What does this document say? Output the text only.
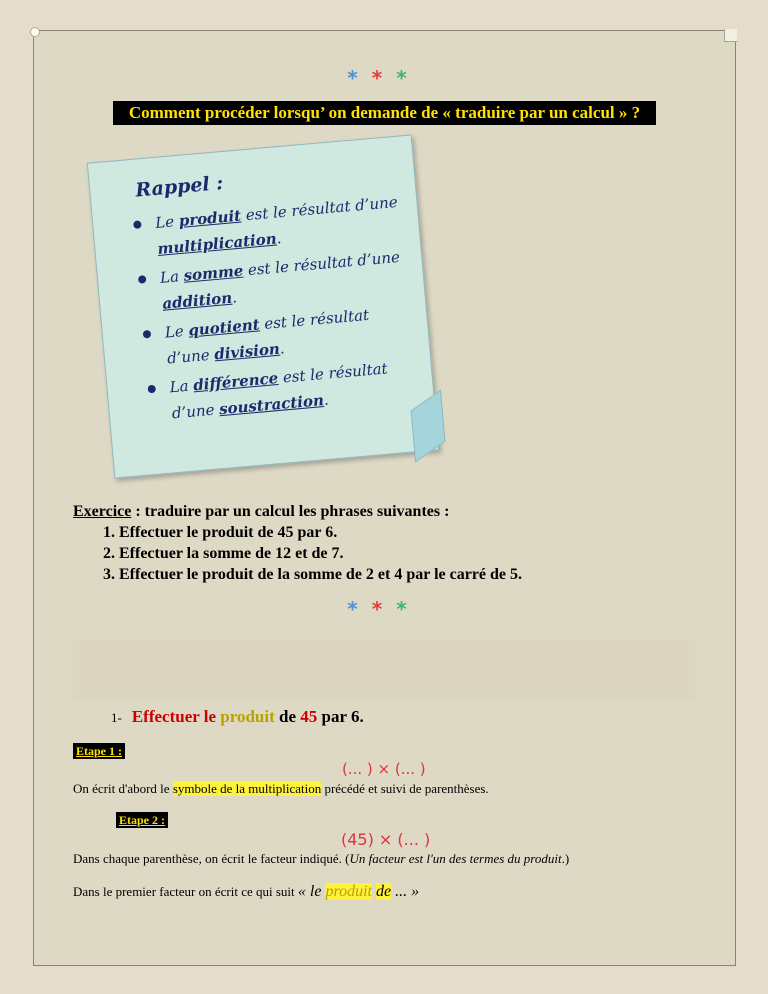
***
Comment procéder lorsqu’ on demande de « traduire par un calcul » ?
Rappel :
Le produit est le résultat d’une multiplication.
La somme est le résultat d’une addition.
Le quotient est le résultat d’une division.
La différence est le résultat d’une soustraction.
Exercice : traduire par un calcul les phrases suivantes :
1. Effectuer le produit de 45 par 6.
2. Effectuer la somme de 12 et de 7.
3. Effectuer le produit de la somme de 2 et 4 par le carré de 5.
***
1- Effectuer le produit de 45 par 6.
Etape 1 :
(... ) × (... )
On écrit d'abord le symbole de la multiplication précédé et suivi de parenthèses.
Etape 2 :
(45) × (... )
Dans chaque parenthèse, on écrit le facteur indiqué. (Un facteur est l'un des termes du produit.)
Dans le premier facteur on écrit ce qui suit « le produit de ... »
